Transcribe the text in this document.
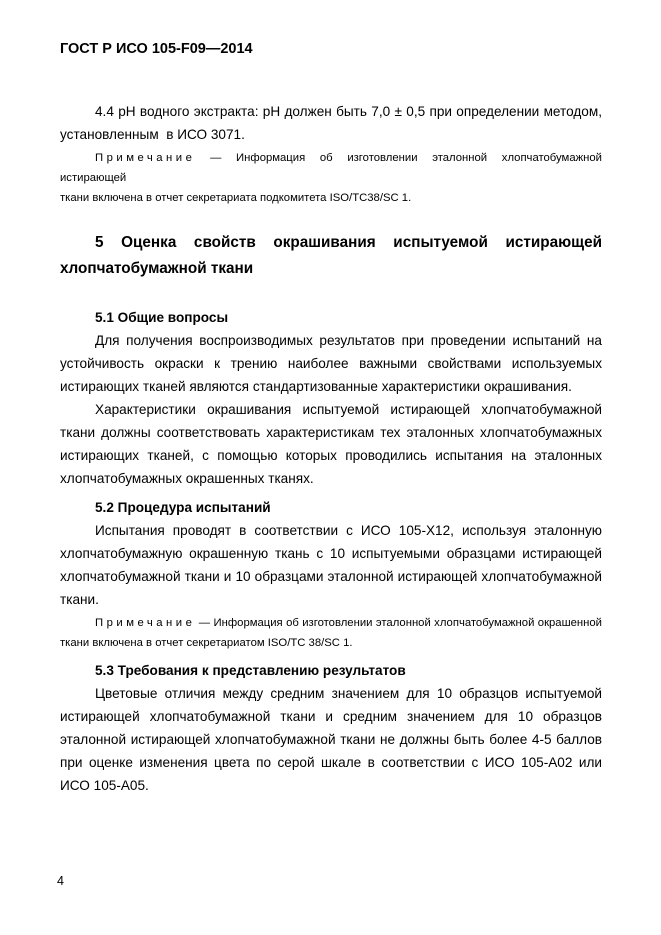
ГОСТ Р ИСО 105-F09—2014
4.4 pH водного экстракта: pH должен быть 7,0 ± 0,5 при определении методом,
установленным  в ИСО 3071.
Примечание — Информация об изготовлении эталонной хлопчатобумажной истирающей
ткани включена в отчет секретариата подкомитета ISO/TC38/SC 1.
5 Оценка свойств окрашивания испытуемой истирающей
хлопчатобумажной ткани
5.1 Общие вопросы
Для получения воспроизводимых результатов при проведении испытаний на
устойчивость окраски к трению наиболее важными свойствами используемых
истирающих тканей являются стандартизованные характеристики окрашивания.
Характеристики окрашивания испытуемой истирающей хлопчатобумажной
ткани должны соответствовать характеристикам тех эталонных хлопчатобумажных
истирающих тканей, с помощью которых проводились испытания на эталонных
хлопчатобумажных окрашенных тканях.
5.2 Процедура испытаний
Испытания проводят в соответствии с ИСО 105-Х12, используя эталонную
хлопчатобумажную окрашенную ткань с 10 испытуемыми образцами истирающей
хлопчатобумажной ткани и 10 образцами эталонной истирающей хлопчатобумажной
ткани.
Примечание — Информация об изготовлении эталонной хлопчатобумажной окрашенной
ткани включена в отчет секретариатом ISO/TC 38/SC 1.
5.3 Требования к представлению результатов
Цветовые отличия между средним значением для 10 образцов испытуемой
истирающей хлопчатобумажной ткани и средним значением для 10 образцов
эталонной истирающей хлопчатобумажной ткани не должны быть более 4-5 баллов
при оценке изменения цвета по серой шкале в соответствии с ИСО 105-А02 или
ИСО 105-А05.
4
